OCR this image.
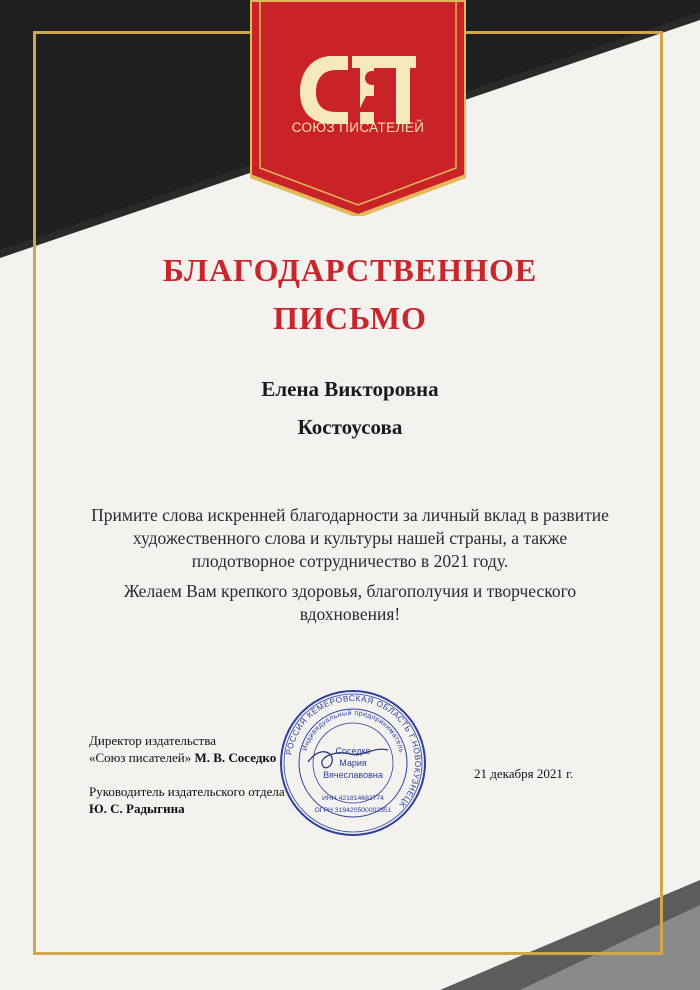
СОЮЗ ПИСАТЕЛЕЙ
БЛАГОДАРСТВЕННОЕ
ПИСЬМО
Елена Викторовна
Костоусова
Примите слова искренней благодарности за личный вклад в развитие художественного слова и культуры нашей страны, а также плодотворное сотрудничество в 2021 году.
Желаем Вам крепкого здоровья, благополучия и творческого вдохновения!
РОССИЯ КЕМЕРОВСКАЯ ОБЛАСТЬ Г.НОВОКУЗНЕЦК
Индивидуальный предприниматель
Соседко
Мария
Вячеславовна
ИНН 421814682774
ОГРН 319420500002351
Директор издательства
«Союз писателей» М. В. Соседко
Руководитель издательского отдела
Ю. С. Радыгина
21 декабря 2021 г.
